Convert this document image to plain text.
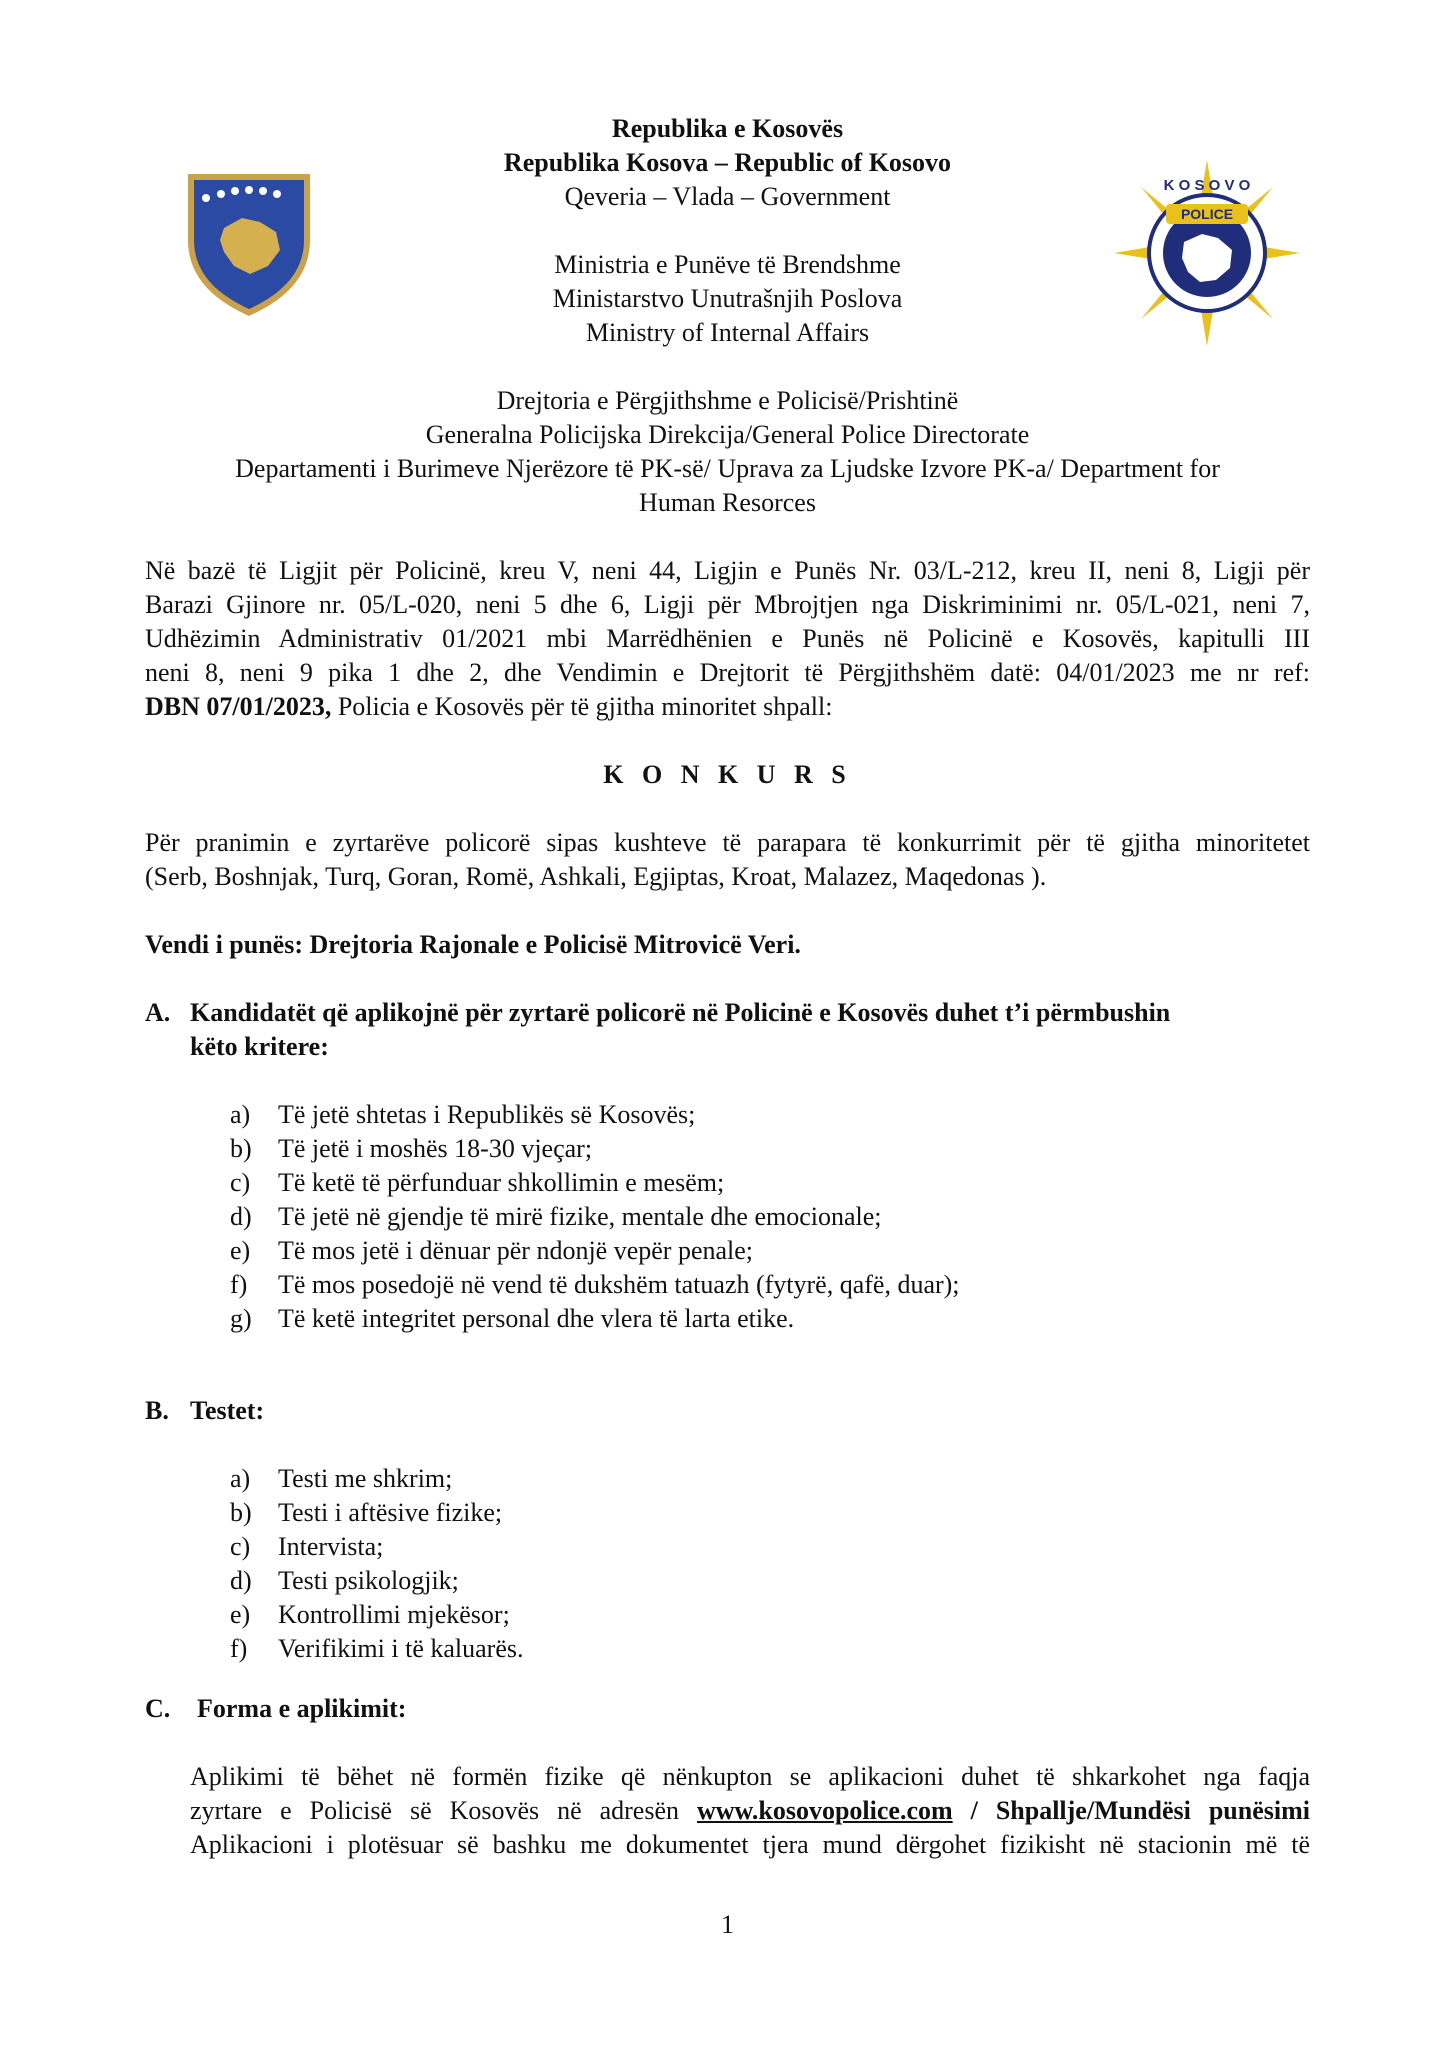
POLICE
K O S O V O
Republika e Kosovës
Republika Kosova – Republic of Kosovo
Qeveria – Vlada – Government
Ministria e Punëve të Brendshme
Ministarstvo Unutrašnjih Poslova
Ministry of Internal Affairs
Drejtoria e Përgjithshme e Policisë/Prishtinë
Generalna Policijska Direkcija/General Police Directorate
Departamenti i Burimeve Njerëzore të PK-së/ Uprava za Ljudske Izvore PK-a/ Department for
Human Resorces
Në bazë të Ligjit për Policinë, kreu V, neni 44, Ligjin e Punës Nr. 03/L-212, kreu II, neni 8, Ligji për
Barazi Gjinore nr. 05/L-020, neni 5 dhe 6, Ligji për Mbrojtjen nga Diskriminimi nr. 05/L-021, neni 7,
Udhëzimin Administrativ 01/2021 mbi Marrëdhënien e Punës në Policinë e Kosovës, kapitulli III
neni 8, neni 9 pika 1 dhe 2, dhe Vendimin e Drejtorit të Përgjithshëm datë: 04/01/2023 me nr ref:
DBN 07/01/2023, Policia e Kosovës për të gjitha minoritet shpall:
K O N K U R S
Për pranimin e zyrtarëve policorë sipas kushteve të parapara të konkurrimit për të gjitha minoritetet
(Serb, Boshnjak, Turq, Goran, Romë, Ashkali, Egjiptas, Kroat, Malazez, Maqedonas ).
Vendi i punës: Drejtoria Rajonale e Policisë Mitrovicë Veri.
A. Kandidatët që aplikojnë për zyrtarë policorë në Policinë e Kosovës duhet t’i përmbushin
këto kritere:
a) Të jetë shtetas i Republikës së Kosovës;
b) Të jetë i moshës 18-30 vjeçar;
c) Të ketë të përfunduar shkollimin e mesëm;
d) Të jetë në gjendje të mirë fizike, mentale dhe emocionale;
e) Të mos jetë i dënuar për ndonjë vepër penale;
f) Të mos posedojë në vend të dukshëm tatuazh (fytyrë, qafë, duar);
g) Të ketë integritet personal dhe vlera të larta etike.
B. Testet:
a) Testi me shkrim;
b) Testi i aftësive fizike;
c) Intervista;
d) Testi psikologjik;
e) Kontrollimi mjekësor;
f) Verifikimi i të kaluarës.
C. Forma e aplikimit:
Aplikimi të bëhet në formën fizike që nënkupton se aplikacioni duhet të shkarkohet nga faqja
zyrtare e Policisë së Kosovës në adresën www.kosovopolice.com / Shpallje/Mundësi punësimi
Aplikacioni i plotësuar së bashku me dokumentet tjera mund dërgohet fizikisht në stacionin më të
1
